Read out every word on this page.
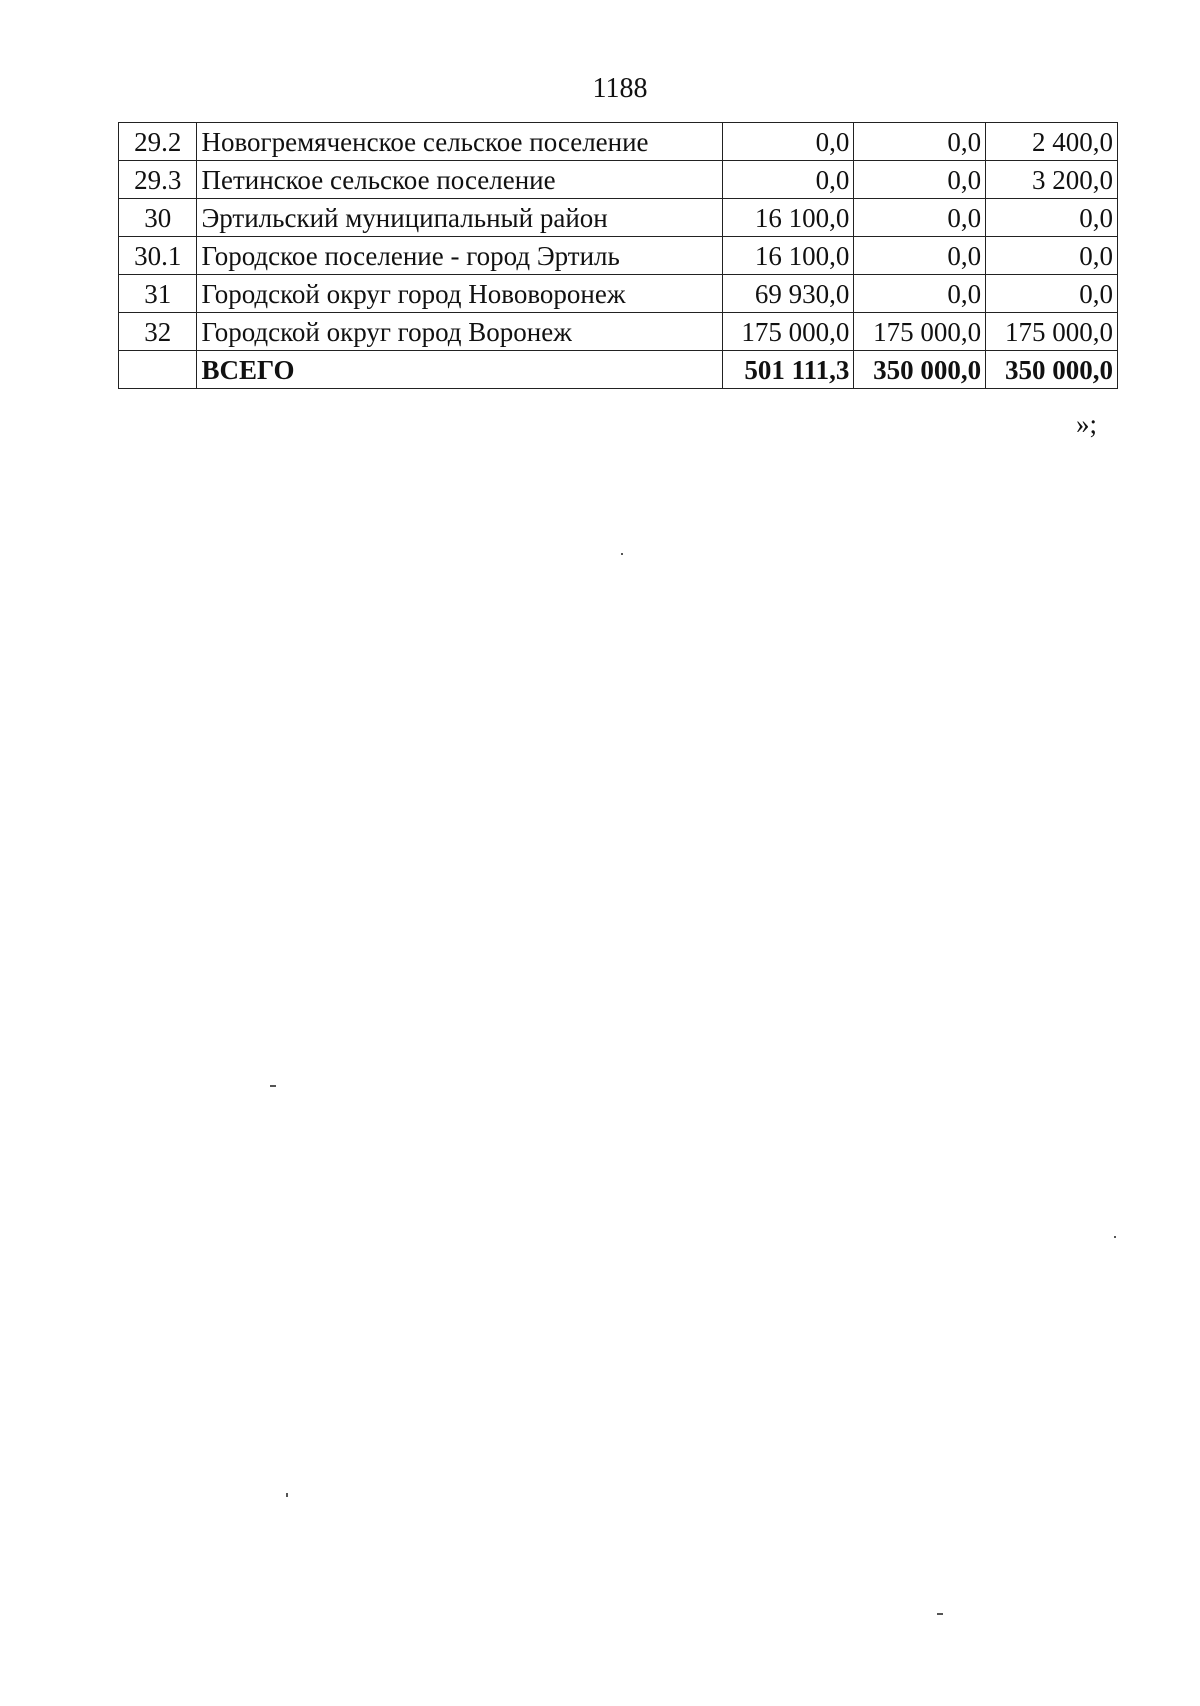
1188
29.2	Новогремяченское сельское поселение	0,0	0,0	2 400,0
29.3	Петинское сельское поселение	0,0	0,0	3 200,0
30	Эртильский муниципальный район	16 100,0	0,0	0,0
30.1	Городское поселение - город Эртиль	16 100,0	0,0	0,0
31	Городской округ город Нововоронеж	69 930,0	0,0	0,0
32	Городской округ город Воронеж	175 000,0	175 000,0	175 000,0
	ВСЕГО	501 111,3	350 000,0	350 000,0
»;
